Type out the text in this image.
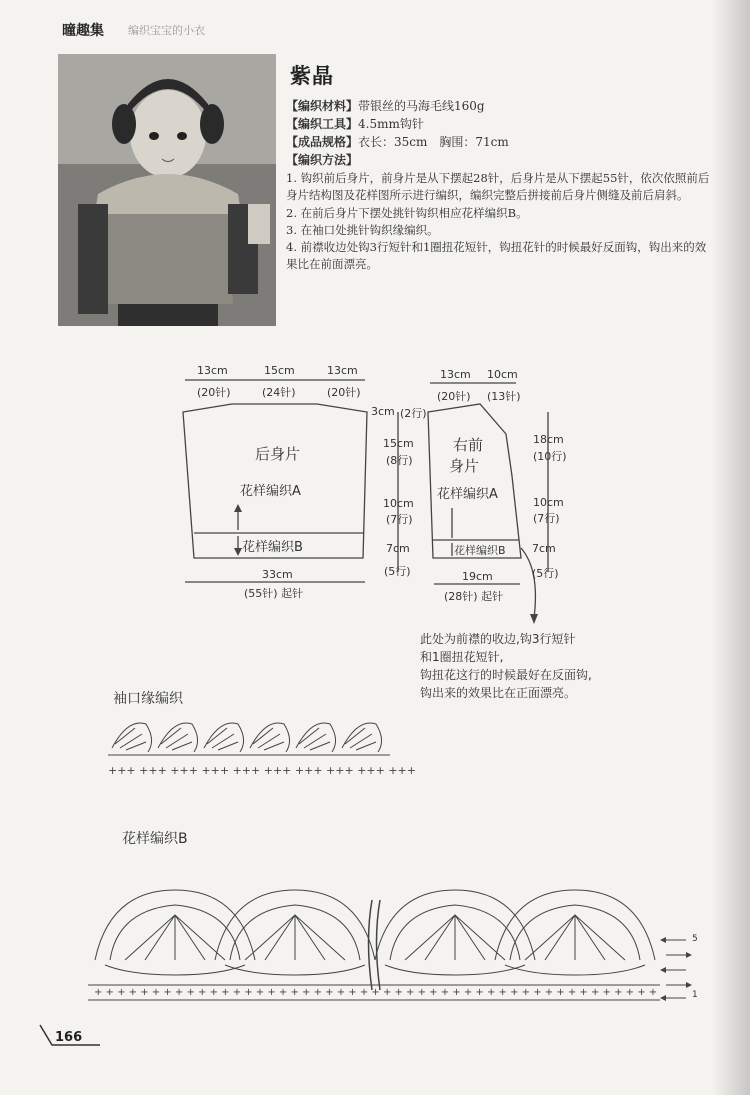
曈趣集 编织宝宝的小衣
紫晶
【编织材料】带银丝的马海毛线160g
【编织工具】4.5mm钩针
【成品规格】衣长：35cm　胸围：71cm
【编织方法】
1. 钩织前后身片，前身片是从下摆起28针，后身片是从下摆起55针，依次依照前后身片结构图及花样图所示进行编织，编织完整后拼接前后身片侧缝及前后肩斜。
2. 在前后身片下摆处挑针钩织相应花样编织B。
3. 在袖口处挑针钩织缘编织。
4. 前襟收边处钩3行短针和1圈扭花短针，钩扭花针的时候最好反面钩，钩出来的效果比在前面漂亮。
+++ +++ +++ +++ +++ +++ +++ +++ +++ +++
+ + + + + + + + + + + + + + + + + + + + + + + + + + + + + + + + + + + + + + + + + + + + + + + + +
13cm
(20针)
15cm
(24针)
13cm
(20针)
后身片
花样编织A
花样编织B
33cm
(55针) 起针
3cm (2行)
15cm
(8行)
10cm
(7行)
7cm
(5行)
13cm
(20针)
10cm
(13针)
右前
身片
花样编织A
花样编织B
19cm
(28针) 起针
18cm
(10行)
10cm
(7行)
7cm
(5行)
此处为前襟的收边,钩3行短针
和1圈扭花短针,
钩扭花这行的时候最好在反面钩,
钩出来的效果比在正面漂亮。
袖口缘编织
花样编织B
5
1
166
